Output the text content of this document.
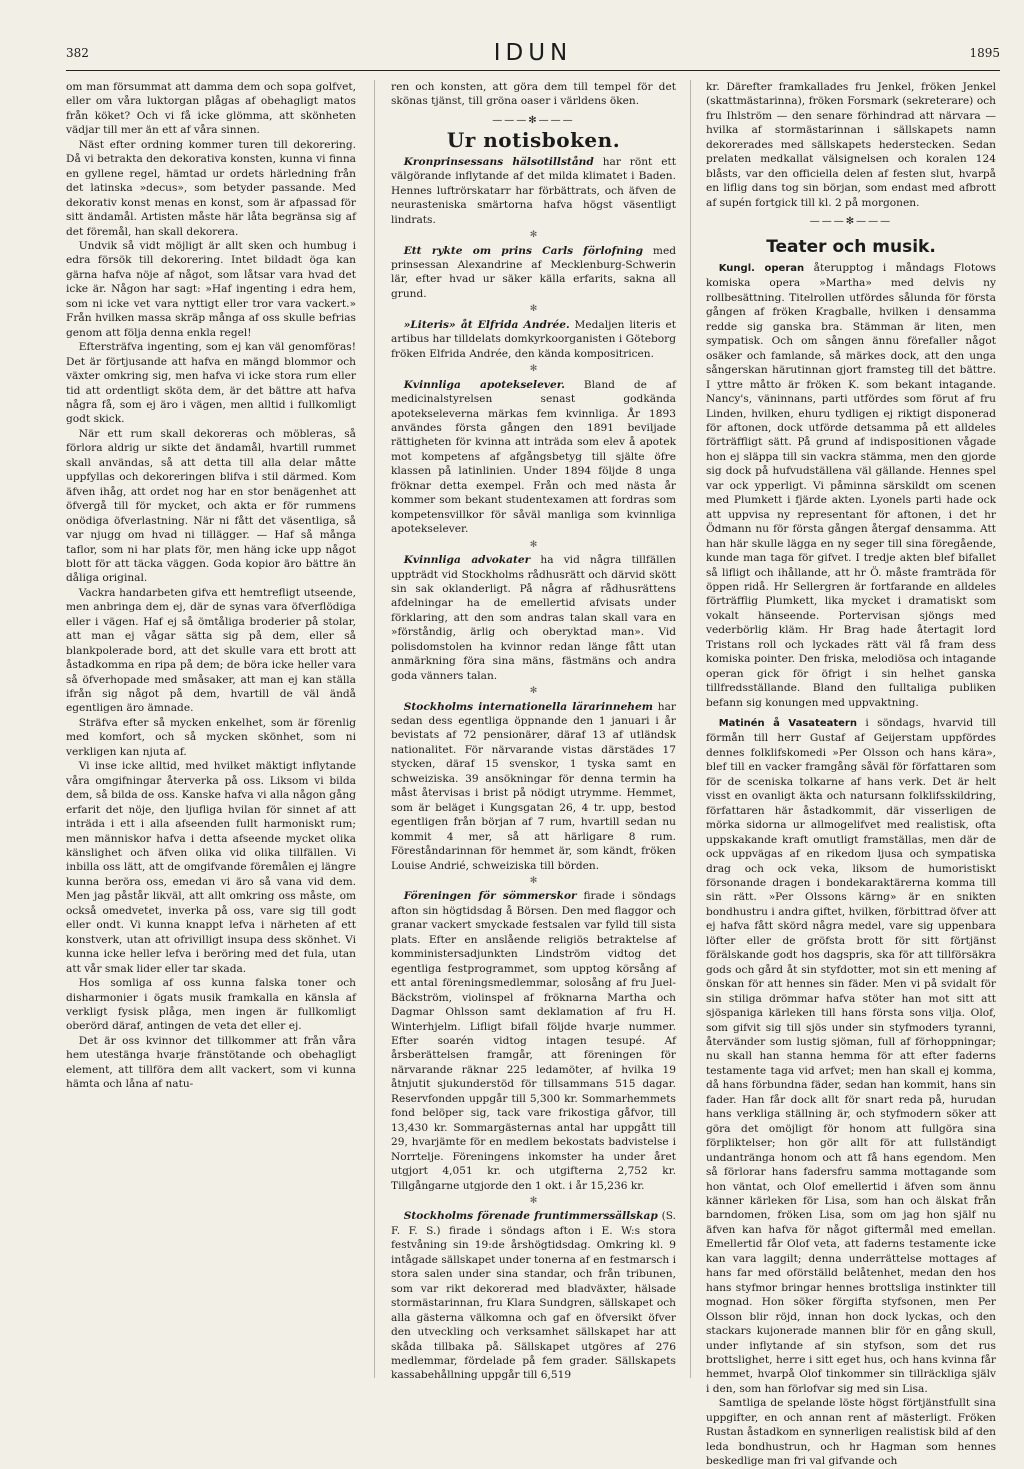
382	IDUN	1895

om man försummat att damma dem och sopa golfvet, eller om våra luktorgan plågas af obehagligt matos från köket? Och vi få icke glömma, att skönheten vädjar till mer än ett af våra sinnen.

Näst efter ordning kommer turen till dekorering. Då vi betrakta den dekorativa konsten, kunna vi finna en gyllene regel, hämtad ur ordets härledning från det latinska »decus», som betyder passande. Med dekorativ konst menas en konst, som är afpassad för sitt ändamål. Artisten måste här låta begränsa sig af det föremål, han skall dekorera.

Undvik så vidt möjligt är allt sken och humbug i edra försök till dekorering. Intet bildadt öga kan gärna hafva nöje af något, som låtsar vara hvad det icke är. Någon har sagt: »Haf ingenting i edra hem, som ni icke vet vara nyttigt eller tror vara vackert.» Från hvilken massa skräp många af oss skulle befrias genom att följa denna enkla regel!

Eftersträfva ingenting, som ej kan väl genomföras! Det är förtjusande att hafva en mängd blommor och växter omkring sig, men hafva vi icke stora rum eller tid att ordentligt sköta dem, är det bättre att hafva några få, som ej äro i vägen, men alltid i fullkomligt godt skick.

När ett rum skall dekoreras och möbleras, så förlora aldrig ur sikte det ändamål, hvartill rummet skall användas, så att detta till alla delar måtte uppfyllas och dekoreringen blifva i stil därmed. Kom äfven ihåg, att ordet nog har en stor benägenhet att öfvergå till för mycket, och akta er för rummens onödiga öfverlastning. När ni fått det väsentliga, så var njugg om hvad ni tillägger. — Haf så många taflor, som ni har plats för, men häng icke upp något blott för att täcka väggen. Goda kopior äro bättre än dåliga original.

Vackra handarbeten gifva ett hemtrefligt utseende, men anbringa dem ej, där de synas vara öfverflödiga eller i vägen. Haf ej så ömtåliga broderier på stolar, att man ej vågar sätta sig på dem, eller så blankpolerade bord, att det skulle vara ett brott att åstadkomma en ripa på dem; de böra icke heller vara så öfverhopade med småsaker, att man ej kan ställa ifrån sig något på dem, hvartill de väl ändå egentligen äro ämnade.

Sträfva efter så mycken enkelhet, som är förenlig med komfort, och så mycken skönhet, som ni verkligen kan njuta af.

Vi inse icke alltid, med hvilket mäktigt inflytande våra omgifningar återverka på oss. Liksom vi bilda dem, så bilda de oss. Kanske hafva vi alla någon gång erfarit det nöje, den ljufliga hvilan för sinnet af att inträda i ett i alla afseenden fullt harmoniskt rum; men människor hafva i detta afseende mycket olika känslighet och äfven olika vid olika tillfällen. Vi inbilla oss lätt, att de omgifvande föremålen ej längre kunna beröra oss, emedan vi äro så vana vid dem. Men jag påstår likväl, att allt omkring oss måste, om också omedvetet, inverka på oss, vare sig till godt eller ondt. Vi kunna knappt lefva i närheten af ett konstverk, utan att ofrivilligt insupa dess skönhet. Vi kunna icke heller lefva i beröring med det fula, utan att vår smak lider eller tar skada.

Hos somliga af oss kunna falska toner och disharmonier i ögats musik framkalla en känsla af verkligt fysisk plåga, men ingen är fullkomligt oberörd däraf, antingen de veta det eller ej.

Det är oss kvinnor det tillkommer att från våra hem utestänga hvarje fränstötande och obehagligt element, att tillföra dem allt vackert, som vi kunna hämta och låna af natu-

ren och konsten, att göra dem till tempel för det skönas tjänst, till gröna oaser i världens öken.

———✻———
Ur notisboken.

Kronprinsessans hälsotillstånd har rönt ett välgörande inflytande af det milda klimatet i Baden. Hennes luftrörskatarr har förbättrats, och äfven de neurasteniska smärtorna hafva högst väsentligt lindrats.

✻

Ett rykte om prins Carls förlofning med prinsessan Alexandrine af Mecklenburg-Schwerin lär, efter hvad ur säker källa erfarits, sakna all grund.

✻

»Literis» åt Elfrida Andrée. Medaljen literis et artibus har tilldelats domkyrkoorganisten i Göteborg fröken Elfrida Andrée, den kända kompositricen.

✻

Kvinnliga apotekselever. Bland de af medicinalstyrelsen senast godkända apotekseleverna märkas fem kvinnliga. År 1893 användes första gången den 1891 beviljade rättigheten för kvinna att inträda som elev å apotek mot kompetens af afgångsbetyg till själte öfre klassen på latinlinien. Under 1894 följde 8 unga fröknar detta exempel. Från och med nästa år kommer som bekant studentexamen att fordras som kompetensvillkor för såväl manliga som kvinnliga apotekselever.

✻

Kvinnliga advokater ha vid några tillfällen uppträdt vid Stockholms rådhusrätt och därvid skött sin sak oklanderligt. På några af rådhusrättens afdelningar ha de emellertid afvisats under förklaring, att den som andras talan skall vara en »förståndig, ärlig och oberyktad man». Vid polisdomstolen ha kvinnor redan länge fått utan anmärkning föra sina mäns, fästmäns och andra goda vänners talan.

✻

Stockholms internationella lärarinnehem har sedan dess egentliga öppnande den 1 januari i år bevistats af 72 pensionärer, däraf 13 af utländsk nationalitet. För närvarande vistas därstädes 17 stycken, däraf 15 svenskor, 1 tyska samt en schweiziska. 39 ansökningar för denna termin ha måst återvisas i brist på nödigt utrymme. Hemmet, som är beläget i Kungsgatan 26, 4 tr. upp, bestod egentligen från början af 7 rum, hvartill sedan nu kommit 4 mer, så att härligare 8 rum. Föreståndarinnan för hemmet är, som kändt, fröken Louise Andrié, schweiziska till börden.

✻

Föreningen för sömmerskor firade i söndags afton sin högtidsdag å Börsen. Den med flaggor och granar vackert smyckade festsalen var fylld till sista plats. Efter en anslående religiös betraktelse af komministersadjunkten Lindström vidtog det egentliga festprogrammet, som upptog körsång af ett antal föreningsmedlemmar, solosång af fru Juel-Bäckström, violinspel af fröknarna Martha och Dagmar Ohlsson samt deklamation af fru H. Winterhjelm. Lifligt bifall följde hvarje nummer. Efter soarén vidtog intagen tesupé. Af årsberättelsen framgår, att föreningen för närvarande räknar 225 ledamöter, af hvilka 19 åtnjutit sjukunderstöd för tillsammans 515 dagar. Reservfonden uppgår till 5,300 kr. Sommarhemmets fond belöper sig, tack vare frikostiga gåfvor, till 13,430 kr. Sommargästernas antal har uppgått till 29, hvarjämte för en medlem bekostats badvistelse i Norrtelje. Föreningens inkomster ha under året utgjort 4,051 kr. och utgifterna 2,752 kr. Tillgångarne utgjorde den 1 okt. i år 15,236 kr.

✻

Stockholms förenade fruntimmerssällskap (S. F. F. S.) firade i söndags afton i E. W:s stora festvåning sin 19:de årshögtidsdag. Omkring kl. 9 intågade sällskapet under tonerna af en festmarsch i stora salen under sina standar, och från tribunen, som var rikt dekorerad med bladväxter, hälsade stormästarinnan, fru Klara Sundgren, sällskapet och alla gästerna välkomna och gaf en öfversikt öfver den utveckling och verksamhet sällskapet har att skåda tillbaka på. Sällskapet utgöres af 276 medlemmar, fördelade på fem grader. Sällskapets kassabehållning uppgår till 6,519

kr. Därefter framkallades fru Jenkel, fröken Jenkel (skattmästarinna), fröken Forsmark (sekreterare) och fru Ihlström — den senare förhindrad att närvara — hvilka af stormästarinnan i sällskapets namn dekorerades med sällskapets hederstecken. Sedan prelaten medkallat välsignelsen och koralen 124 blåsts, var den officiella delen af festen slut, hvarpå en liflig dans tog sin början, som endast med afbrott af supén fortgick till kl. 2 på morgonen.

———✻———
Teater och musik.

Kungl. operan återupptog i måndags Flotows komiska opera »Martha» med delvis ny rollbesättning. Titelrollen utfördes sålunda för första gången af fröken Kragballe, hvilken i densamma redde sig ganska bra. Stämman är liten, men sympatisk. Och om sången ännu förefaller något osäker och famlande, så märkes dock, att den unga sångerskan härutinnan gjort framsteg till det bättre. I yttre måtto är fröken K. som bekant intagande. Nancy's, väninnans, parti utfördes som förut af fru Linden, hvilken, ehuru tydligen ej riktigt disponerad för aftonen, dock utförde detsamma på ett alldeles förträffligt sätt. På grund af indispositionen vågade hon ej släppa till sin vackra stämma, men den gjorde sig dock på hufvudställena väl gällande. Hennes spel var ock ypperligt. Vi påminna särskildt om scenen med Plumkett i fjärde akten. Lyonels parti hade ock att uppvisa ny representant för aftonen, i det hr Ödmann nu för första gången återgaf densamma. Att han här skulle lägga en ny seger till sina föregående, kunde man taga för gifvet. I tredje akten blef bifallet så lifligt och ihållande, att hr Ö. måste framträda för öppen ridå. Hr Sellergren är fortfarande en alldeles förträfflig Plumkett, lika mycket i dramatiskt som vokalt hänseende. Portervisan sjöngs med vederbörlig kläm. Hr Brag hade återtagit lord Tristans roll och lyckades rätt väl få fram dess komiska pointer. Den friska, melodiösa och intagande operan gick för öfrigt i sin helhet ganska tillfredsställande. Bland den fulltaliga publiken befann sig konungen med uppvaktning.

Matinén å Vasateatern i söndags, hvarvid till förmån till herr Gustaf af Geijerstam uppfördes dennes folklifskomedi »Per Olsson och hans kära», blef till en vacker framgång såväl för författaren som för de sceniska tolkarne af hans verk. Det är helt visst en ovanligt äkta och natursann folklifsskildring, författaren här åstadkommit, där visserligen de mörka sidorna ur allmogelifvet med realistisk, ofta uppskakande kraft omutligt framställas, men där de ock uppvägas af en rikedom ljusa och sympatiska drag och ock veka, liksom de humoristiskt försonande dragen i bondekaraktärerna komma till sin rätt. »Per Olssons kärng» är en snikten bondhustru i andra giftet, hvilken, förbittrad öfver att ej hafva fått skörd några medel, vare sig uppenbara löfter eller de gröfsta brott för sitt förtjänst förälskande godt hos dagspris, ska för att tillförsäkra gods och gård åt sin styfdotter, mot sin ett mening af önskan för att hennes sin fäder. Men vi på svidalt för sin stiliga drömmar hafva stöter han mot sitt att sjöspaniga kärleken till hans första sons vilja. Olof, som gifvit sig till sjös under sin styfmoders tyranni, återvänder som lustig sjöman, full af förhoppningar; nu skall han stanna hemma för att efter faderns testamente taga vid arfvet; men han skall ej komma, då hans förbundna fäder, sedan han kommit, hans sin fader. Han får dock allt för snart reda på, hurudan hans verkliga ställning är, och styfmodern söker att göra det omöjligt för honom att fullgöra sina förpliktelser; hon gör allt för att fullständigt undantränga honom och att få hans egendom. Men så förlorar hans fadersfru samma mottagande som hon väntat, och Olof emellertid i äfven som ännu känner kärleken för Lisa, som han och älskat från barndomen, fröken Lisa, som om jag hon själf nu äfven kan hafva för något giftermål med emellan. Emellertid får Olof veta, att faderns testamente icke kan vara laggilt; denna underrättelse mottages af hans far med oförställd belåtenhet, medan den hos hans styfmor bringar hennes brottsliga instinkter till mognad. Hon söker förgifta styfsonen, men Per Olsson blir röjd, innan hon dock lyckas, och den stackars kujonerade mannen blir för en gång skull, under inflytande af sin styfson, som det rus brottslighet, herre i sitt eget hus, och hans kvinna får hemmet, hvarpå Olof tinkommer sin tillräckliga själv i den, som han förlofvar sig med sin Lisa.

Samtliga de spelande löste högst förtjänstfullt sina uppgifter, en och annan rent af mästerligt. Fröken Rustan åstadkom en synnerligen realistisk bild af den leda bondhustrun, och hr Hagman som hennes beskedlige man fri val gifvande och
